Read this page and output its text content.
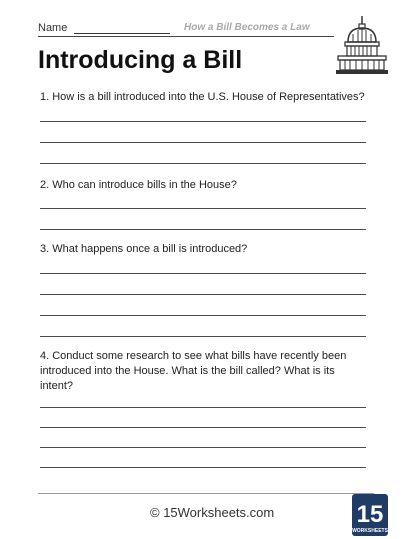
Name	How a Bill Becomes a Law
Introducing a Bill
1. How is a bill introduced into the U.S. House of Representatives?
2. Who can introduce bills in the House?
3. What happens once a bill is introduced?
4. Conduct some research to see what bills have recently been introduced into the House. What is the bill called? What is its intent?
© 15Worksheets.com	15
WORKSHEETS
